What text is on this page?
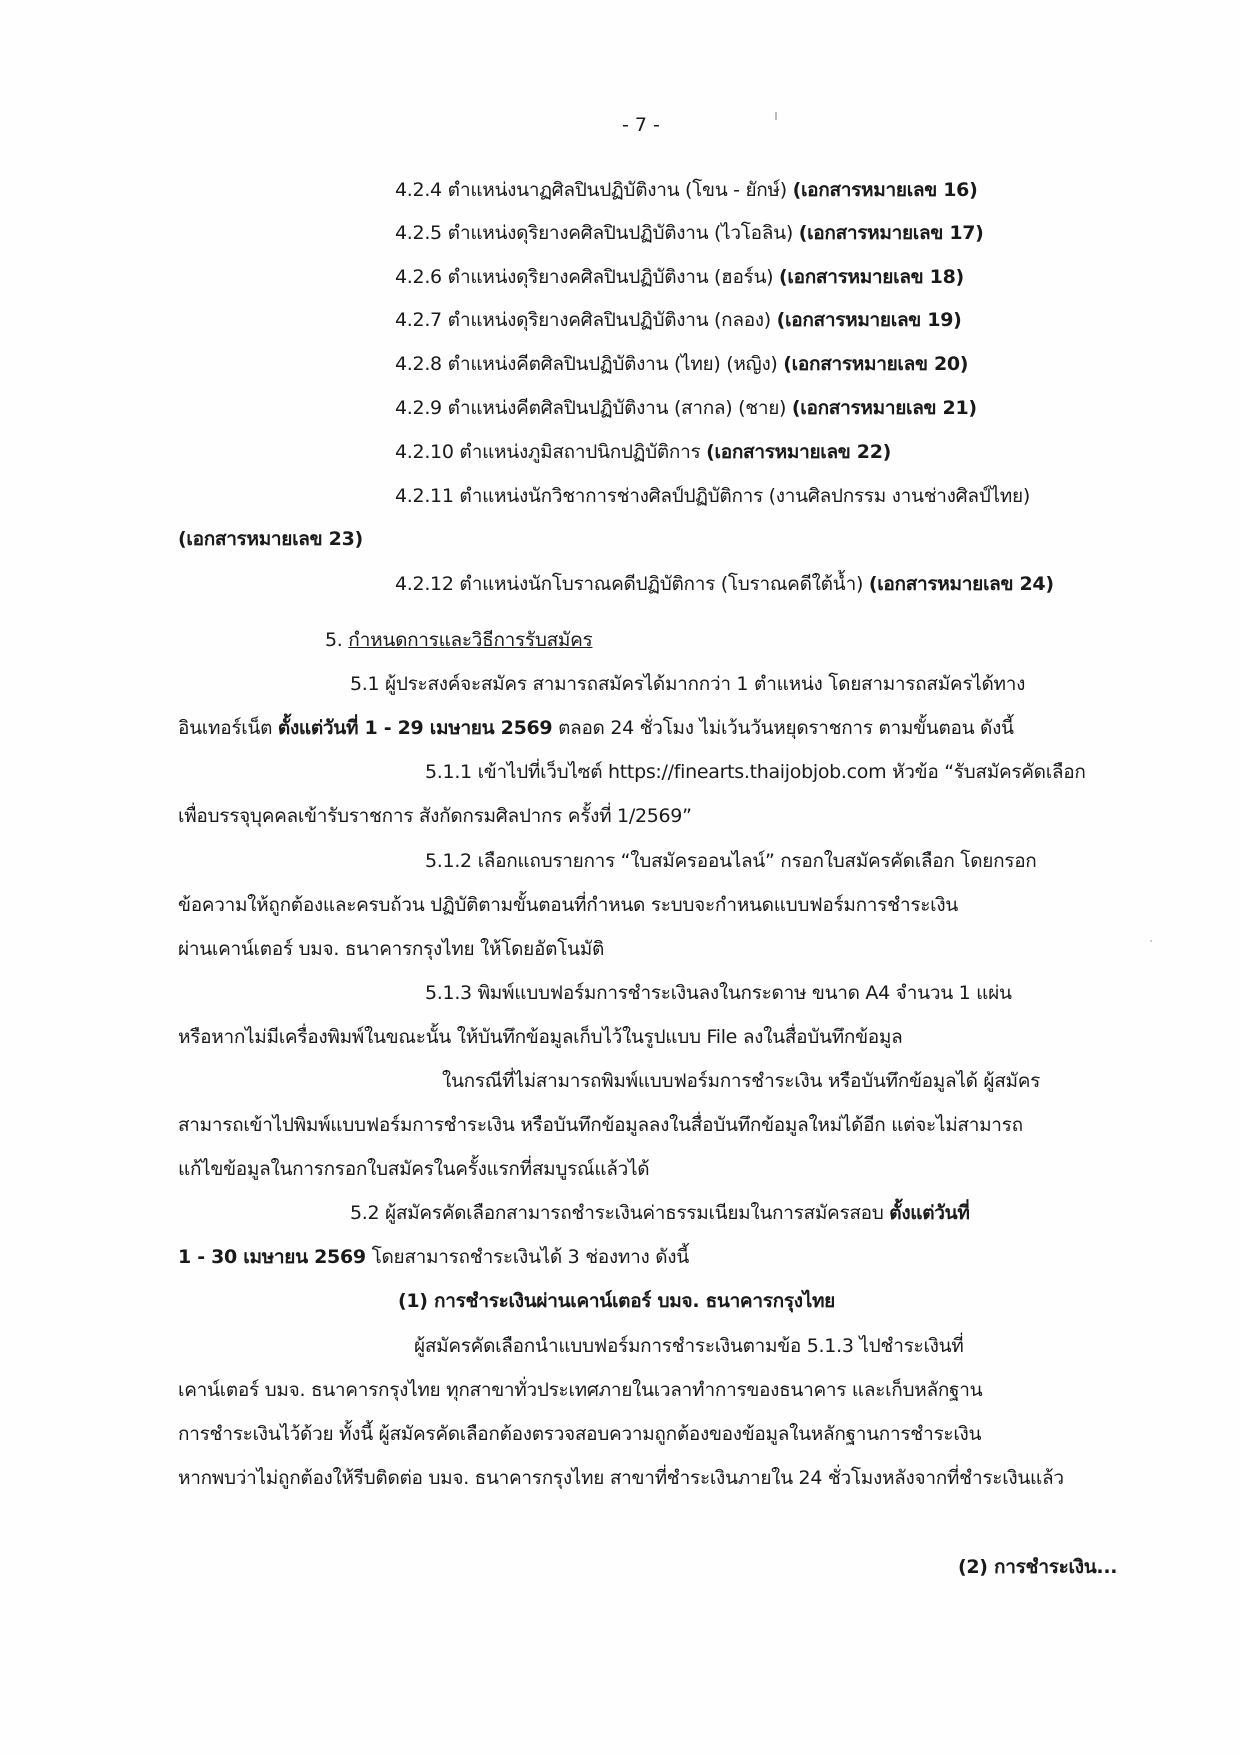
- 7 -
4.2.4 ตำแหน่งนาฏศิลปินปฏิบัติงาน (โขน - ยักษ์) (เอกสารหมายเลข 16)
4.2.5 ตำแหน่งดุริยางคศิลปินปฏิบัติงาน (ไวโอลิน) (เอกสารหมายเลข 17)
4.2.6 ตำแหน่งดุริยางคศิลปินปฏิบัติงาน (ฮอร์น) (เอกสารหมายเลข 18)
4.2.7 ตำแหน่งดุริยางคศิลปินปฏิบัติงาน (กลอง) (เอกสารหมายเลข 19)
4.2.8 ตำแหน่งคีตศิลปินปฏิบัติงาน (ไทย) (หญิง) (เอกสารหมายเลข 20)
4.2.9 ตำแหน่งคีตศิลปินปฏิบัติงาน (สากล) (ชาย) (เอกสารหมายเลข 21)
4.2.10 ตำแหน่งภูมิสถาปนิกปฏิบัติการ (เอกสารหมายเลข 22)
4.2.11 ตำแหน่งนักวิชาการช่างศิลป์ปฏิบัติการ (งานศิลปกรรม งานช่างศิลป์ไทย)
(เอกสารหมายเลข 23)
4.2.12 ตำแหน่งนักโบราณคดีปฏิบัติการ (โบราณคดีใต้น้ำ) (เอกสารหมายเลข 24)
5. กำหนดการและวิธีการรับสมัคร
5.1 ผู้ประสงค์จะสมัคร สามารถสมัครได้มากกว่า 1 ตำแหน่ง โดยสามารถสมัครได้ทาง
อินเทอร์เน็ต ตั้งแต่วันที่ 1 - 29 เมษายน 2569 ตลอด 24 ชั่วโมง ไม่เว้นวันหยุดราชการ ตามขั้นตอน ดังนี้
5.1.1 เข้าไปที่เว็บไซต์ https://finearts.thaijobjob.com หัวข้อ “รับสมัครคัดเลือก
เพื่อบรรจุบุคคลเข้ารับราชการ สังกัดกรมศิลปากร ครั้งที่ 1/2569”
5.1.2 เลือกแถบรายการ “ใบสมัครออนไลน์” กรอกใบสมัครคัดเลือก โดยกรอก
ข้อความให้ถูกต้องและครบถ้วน ปฏิบัติตามขั้นตอนที่กำหนด ระบบจะกำหนดแบบฟอร์มการชำระเงิน
ผ่านเคาน์เตอร์ บมจ. ธนาคารกรุงไทย ให้โดยอัตโนมัติ
5.1.3 พิมพ์แบบฟอร์มการชำระเงินลงในกระดาษ ขนาด A4 จำนวน 1 แผ่น
หรือหากไม่มีเครื่องพิมพ์ในขณะนั้น ให้บันทึกข้อมูลเก็บไว้ในรูปแบบ File ลงในสื่อบันทึกข้อมูล
ในกรณีที่ไม่สามารถพิมพ์แบบฟอร์มการชำระเงิน หรือบันทึกข้อมูลได้ ผู้สมัคร
สามารถเข้าไปพิมพ์แบบฟอร์มการชำระเงิน หรือบันทึกข้อมูลลงในสื่อบันทึกข้อมูลใหม่ได้อีก แต่จะไม่สามารถ
แก้ไขข้อมูลในการกรอกใบสมัครในครั้งแรกที่สมบูรณ์แล้วได้
5.2 ผู้สมัครคัดเลือกสามารถชำระเงินค่าธรรมเนียมในการสมัครสอบ ตั้งแต่วันที่
1 - 30 เมษายน 2569 โดยสามารถชำระเงินได้ 3 ช่องทาง ดังนี้
(1) การชำระเงินผ่านเคาน์เตอร์ บมจ. ธนาคารกรุงไทย
ผู้สมัครคัดเลือกนำแบบฟอร์มการชำระเงินตามข้อ 5.1.3 ไปชำระเงินที่
เคาน์เตอร์ บมจ. ธนาคารกรุงไทย ทุกสาขาทั่วประเทศภายในเวลาทำการของธนาคาร และเก็บหลักฐาน
การชำระเงินไว้ด้วย ทั้งนี้ ผู้สมัครคัดเลือกต้องตรวจสอบความถูกต้องของข้อมูลในหลักฐานการชำระเงิน
หากพบว่าไม่ถูกต้องให้รีบติดต่อ บมจ. ธนาคารกรุงไทย สาขาที่ชำระเงินภายใน 24 ชั่วโมงหลังจากที่ชำระเงินแล้ว
(2) การชำระเงิน...
